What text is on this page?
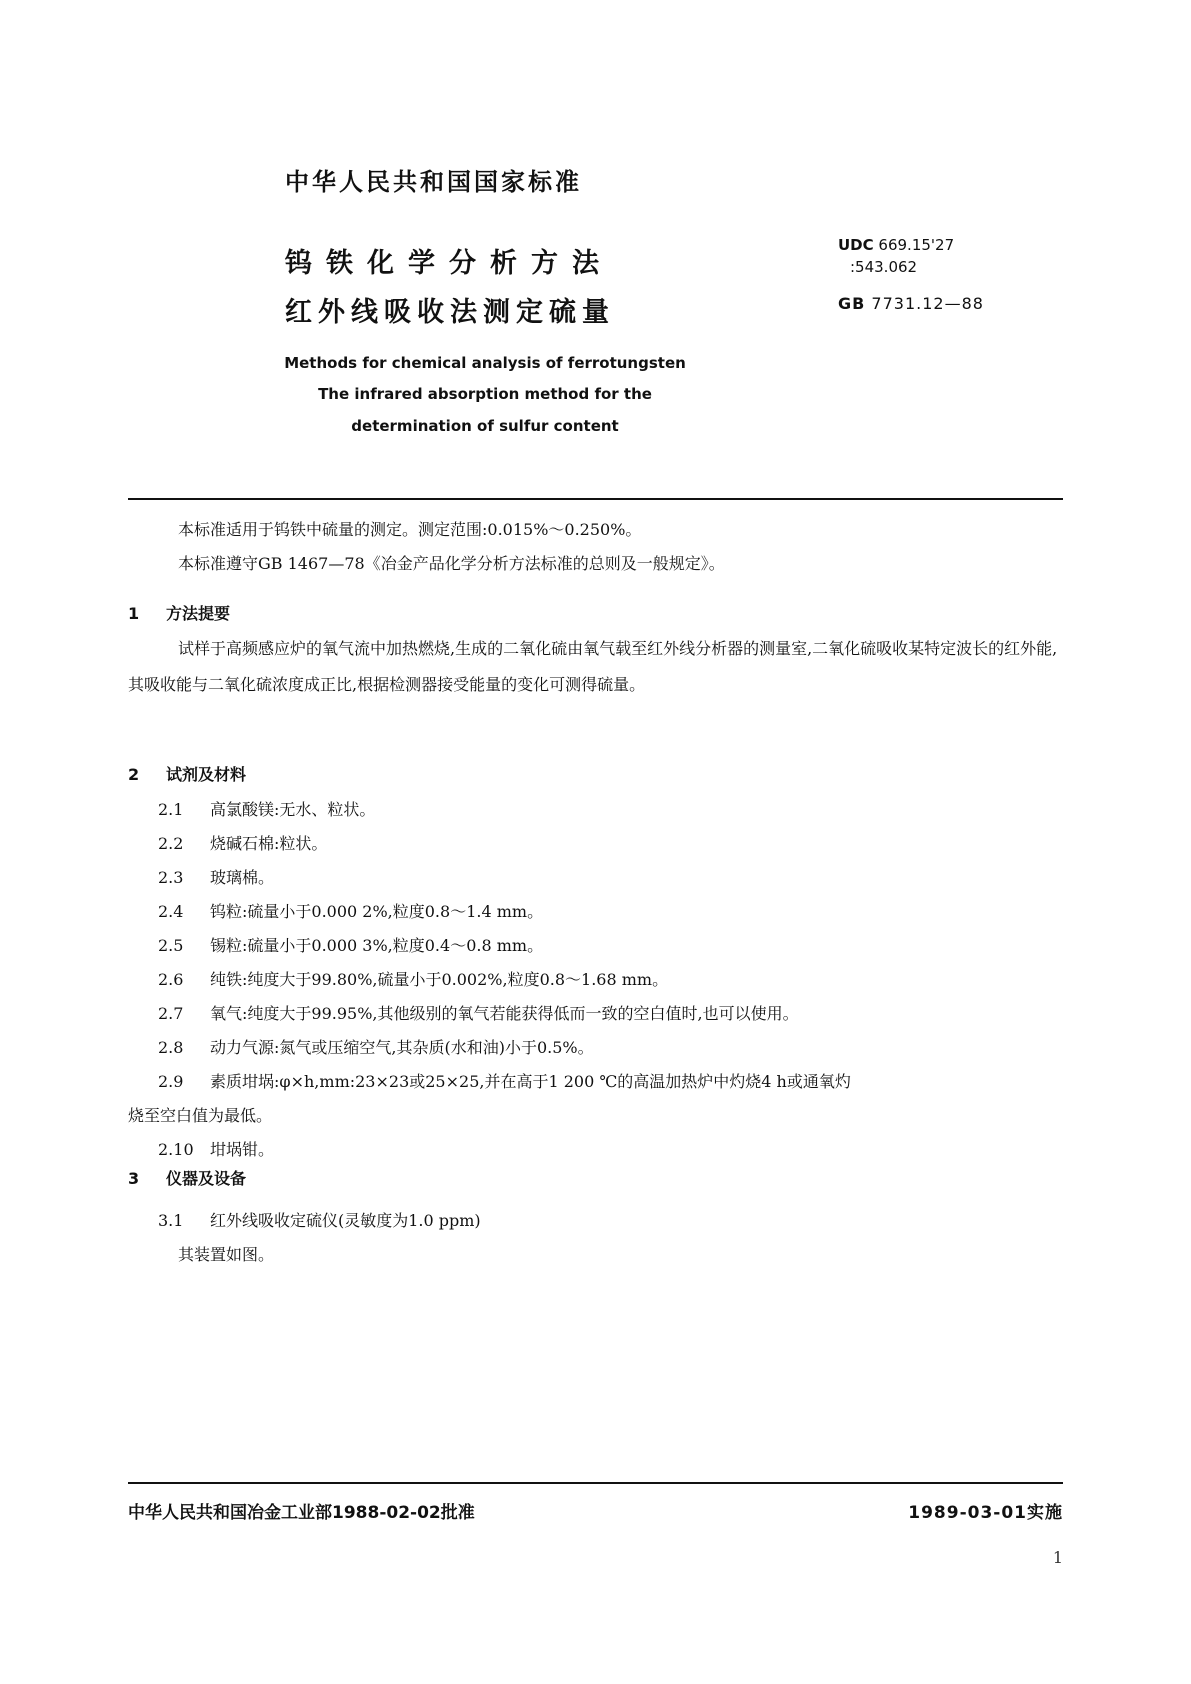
中华人民共和国国家标准
UDC 669.15'27
:543.062
GB 7731.12—88
钨铁化学分析方法
红外线吸收法测定硫量
Methods for chemical analysis of ferrotungsten
The infrared absorption method for the
determination of sulfur content
本标准适用于钨铁中硫量的测定。测定范围:0.015%～0.250%。
本标准遵守GB 1467—78《冶金产品化学分析方法标准的总则及一般规定》。
1 方法提要
试样于高频感应炉的氧气流中加热燃烧,生成的二氧化硫由氧气载至红外线分析器的测量室,二氧化硫吸收某特定波长的红外能,其吸收能与二氧化硫浓度成正比,根据检测器接受能量的变化可测得硫量。
2 试剂及材料
2.1 高氯酸镁:无水、粒状。
2.2 烧碱石棉:粒状。
2.3 玻璃棉。
2.4 钨粒:硫量小于0.000 2%,粒度0.8～1.4 mm。
2.5 锡粒:硫量小于0.000 3%,粒度0.4～0.8 mm。
2.6 纯铁:纯度大于99.80%,硫量小于0.002%,粒度0.8～1.68 mm。
2.7 氧气:纯度大于99.95%,其他级别的氧气若能获得低而一致的空白值时,也可以使用。
2.8 动力气源:氮气或压缩空气,其杂质(水和油)小于0.5%。
2.9 素质坩埚:φ×h,mm:23×23或25×25,并在高于1 200 ℃的高温加热炉中灼烧4 h或通氧灼
烧至空白值为最低。
2.10 坩埚钳。
3 仪器及设备
3.1 红外线吸收定硫仪(灵敏度为1.0 ppm)
其装置如图。
中华人民共和国冶金工业部1988-02-02批准	1989-03-01实施
1
